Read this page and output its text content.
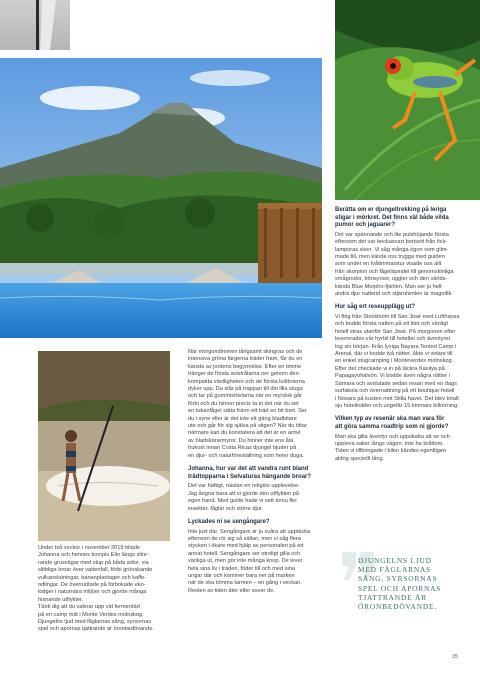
Under två veckor i november 2019 bilade
Johanna och hennes kompis Elin längs slinг-
rande grusvägar med stup på båda sidor, via
slitbliga broar över vattenfall, förbi grönskande
vulkanslutningar, bananplantager och kaffe-
odlingar. De övernattade på förbokade eko-
lodger i naturnära miljöer och gjorde många
hisnande utflykter.
Tänk dig att du vaknar upp vid fermentärt
på en camp mitt i Monte Verdes molnskog.
Djungelns ljud med fåglarnas sång, syrsornas
spel och apornas tjattrande är öronbedövande.

När morgondimmen långsamt skingras och de
intensiva gröna färgerna träder fram, får du en
känsla av jordens begynnelse. Efter en timme
tränger de första solstrålarna ner genom den
kompakta växtligheten och de första kolibrierna
dyker upp. Du står på trappan till din lilla stuga
och tar på gummistövlarna när en myrslok går
förbi och du hinner precis ta in det när du ser
en tukanfågel sätta fränn ett träd en bit bort. Ser
du i syne eller är det inte ett gäng bladbitare
ute och går för sig själva på stigen? När du tittar
närmare kan du konstatera att det är en armé
av bladskärarmyror. Du hinner inte ens åta
frukost innan Costa Ricas djungel bjuder på
en djur- och naturföreställning som heter duga.

Johanna, hur var det att vandra runt bland
trädtopparna i Selvaturas hängande broar?

Det var häftigt, nästan en religiös upplevelse.
Jag ångrar bara att vi gjorde den utflykten på
egen hand. Med guide hade vi sett ännu fler
insekter, fåglar och större djur.

Lyckades ni se sengångare?

Inte just där. Sengångare är ju svåra att upptäcka
eftersom de rör sig så sällan, men vi såg flera
stycken i ökare med hjälp av personalen på ett
annat hotell. Sengångare ser otroligt gilla och
vänliga ut, men gör inte många knop. De lever
hela sina liv i träden, föder till och med sina
ungar där och kommer bara ner på marken
när de ska tömma tarmen – en gång i veckan.
Resten av tiden äter eller sover de.

Berätta om er djungeltrekking på leriga
stigar i mörkret. Det finns väl både vilda
pumor och jaguarer?

Det var spännande och lite pulshöjande första
eftersom det var beckasvart bortsett från fick-
lamporas sken. Vi såg många ögon som glim-
made till, men kände oss trygga med guiden
som under en tvåtimmarstur visade oss allt
från skorpion och fågelspindel till genomskinliga
smågrodor, bönsyrsor, uggler och den världs-
kända Blue Morpho-fjärilen. Man ser ju helt
andra djur nattetid och stjärnhimlen är magnifik.

Hur såg ert reseupplägg ut?

Vi flög från Stockholm till San José med Lufthansa
och bodde första natten på ett litet och vänligt
hotell strax utanför San José. På morgonen efter
levererades vår hyrbil till hotellet och äventyret
tog sin början. Från lyxiga Nayara Tented Camp i
Arenal, där vi bodde två nätter, åkte vi vidare till
en enkel stugcamping i Monteverdes molnskog.
Efter det checkade vi in på läckra Kasiiya på
Papagayohalvön. Vi bodde även några nätter i
Sámara och avslutade sedan resan med en dags
surfakola och övernattning på ett boutique-hotell
i Nosara på kusten mot Stilla havet. Det blev totalt
sju hotellnätter och ungefär 15 timmars bilkörning.

Vilken typ av resenär ska man vara för
att göra samma roadtrip som ni gjorde?

Man ska gilla äventyr och uppskatta att se och
uppleva saker långs vägen. Inte ha bråttom.
Tiden vi tillbringade i bilen kändes egentligen
aldrig speciellt lång.

DJUNGELNS LJUD
MED FÅGLARNAS
SÅNG, SYRSORNAS
SPEL OCH APORNAS
TJATTRANDE ÄR
ÖRONBEDÖVANDE.
35
